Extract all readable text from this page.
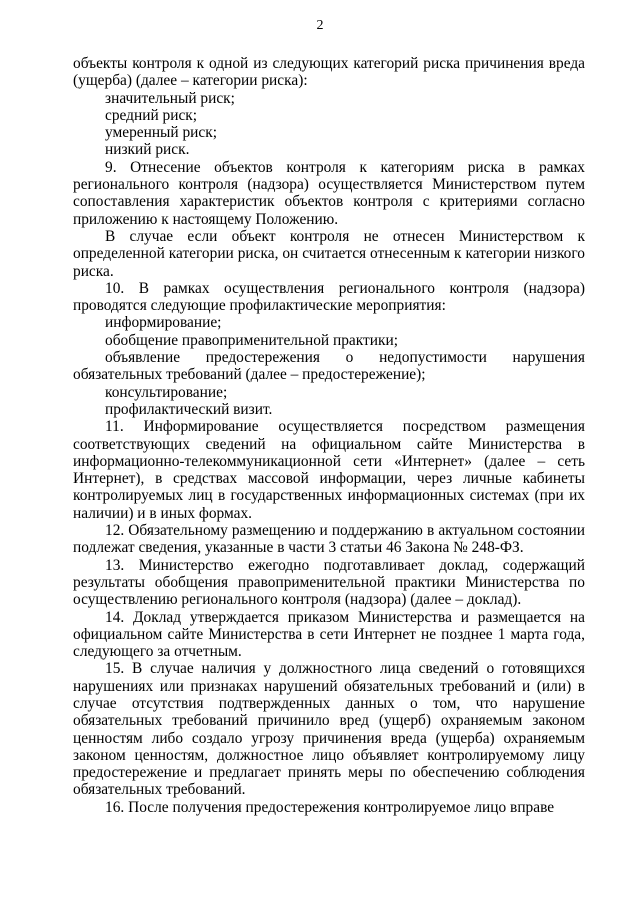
2

объекты контроля к одной из следующих категорий риска причинения вреда (ущерба) (далее – категории риска):

значительный риск;

средний риск;

умеренный риск;

низкий риск.

9. Отнесение объектов контроля к категориям риска в рамках регионального контроля (надзора) осуществляется Министерством путем сопоставления характеристик объектов контроля с критериями согласно приложению к настоящему Положению.

В случае если объект контроля не отнесен Министерством к определенной категории риска, он считается отнесенным к категории низкого риска.

10. В рамках осуществления регионального контроля (надзора) проводятся следующие профилактические мероприятия:

информирование;

обобщение правоприменительной практики;

объявление предостережения о недопустимости нарушения обязательных требований (далее – предостережение);

консультирование;

профилактический визит.

11. Информирование осуществляется посредством размещения соответствующих сведений на официальном сайте Министерства в информационно-телекоммуникационной сети «Интернет» (далее – сеть Интернет), в средствах массовой информации, через личные кабинеты контролируемых лиц в государственных информационных системах (при их наличии) и в иных формах.

12. Обязательному размещению и поддержанию в актуальном состоянии подлежат сведения, указанные в части 3 статьи 46 Закона № 248-ФЗ.

13. Министерство ежегодно подготавливает доклад, содержащий результаты обобщения правоприменительной практики Министерства по осуществлению регионального контроля (надзора) (далее – доклад).

14. Доклад утверждается приказом Министерства и размещается на официальном сайте Министерства в сети Интернет не позднее 1 марта года, следующего за отчетным.

15. В случае наличия у должностного лица сведений о готовящихся нарушениях или признаках нарушений обязательных требований и (или) в случае отсутствия подтвержденных данных о том, что нарушение обязательных требований причинило вред (ущерб) охраняемым законом ценностям либо создало угрозу причинения вреда (ущерба) охраняемым законом ценностям, должностное лицо объявляет контролируемому лицу предостережение и предлагает принять меры по обеспечению соблюдения обязательных требований.

16. После получения предостережения контролируемое лицо вправе
